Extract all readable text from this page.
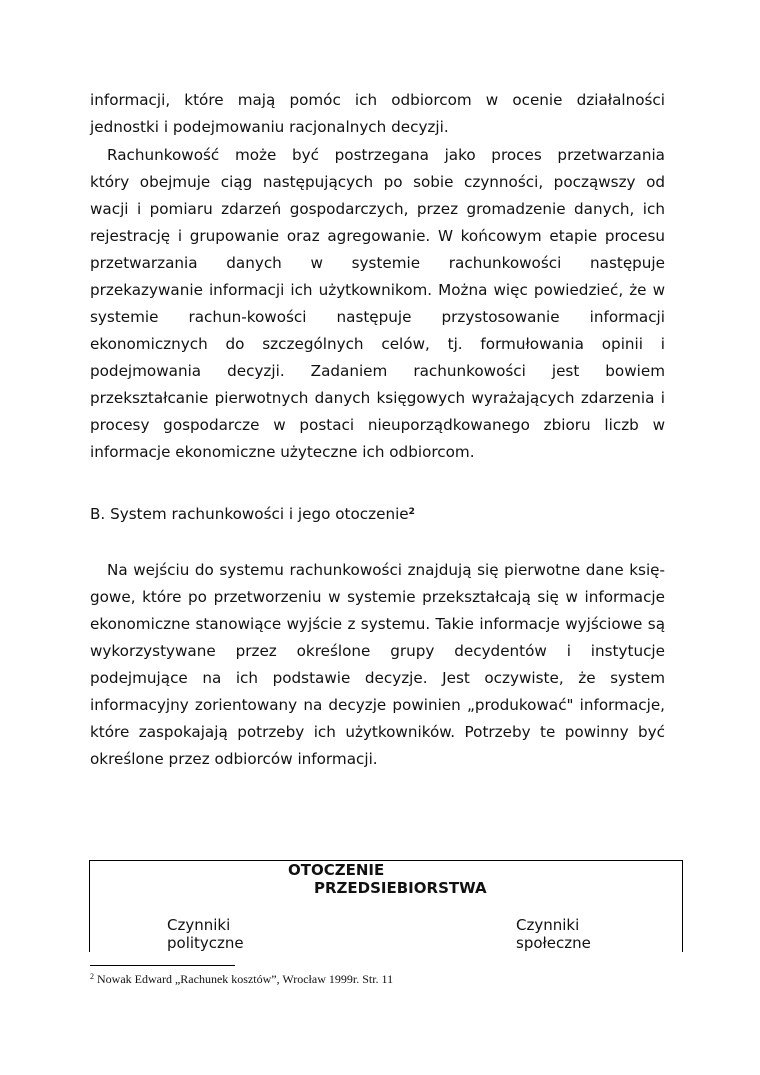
informacji, które mają pomóc ich odbiorcom w ocenie działalności
jednostki i podejmowaniu racjonalnych decyzji.
Rachunkowość może być postrzegana jako proces przetwarzania
który obejmuje ciąg następujących po sobie czynności, począwszy od
wacji i pomiaru zdarzeń gospodarczych, przez gromadzenie danych, ich
rejestrację i grupowanie oraz agregowanie. W końcowym etapie procesu
przetwarzania danych w systemie rachunkowości następuje
przekazywanie informacji ich użytkownikom. Można więc powiedzieć, że w
systemie rachun-kowości następuje przystosowanie informacji
ekonomicznych do szczególnych celów, tj. formułowania opinii i
podejmowania decyzji. Zadaniem rachunkowości jest bowiem
przekształcanie pierwotnych danych księgowych wyrażających zdarzenia i
procesy gospodarcze w postaci nieuporządkowanego zbioru liczb w
informacje ekonomiczne użyteczne ich odbiorcom.
B. System rachunkowości i jego otoczenie$^2$
Na wejściu do systemu rachunkowości znajdują się pierwotne dane księ-
gowe, które po przetworzeniu w systemie przekształcają się w informacje
ekonomiczne stanowiące wyjście z systemu. Takie informacje wyjściowe są
wykorzystywane przez określone grupy decydentów i instytucje
podejmujące na ich podstawie decyzje. Jest oczywiste, że system
informacyjny zorientowany na decyzje powinien „produkować" informacje,
które zaspokajają potrzeby ich użytkowników. Potrzeby te powinny być
określone przez odbiorców informacji.
OTOCZENIE
PRZEDSIEBIORSTWA
Czynniki
polityczne
Czynniki
społeczne
$^2$ Nowak Edward „Rachunek kosztów”, Wrocław 1999r. Str. 11
